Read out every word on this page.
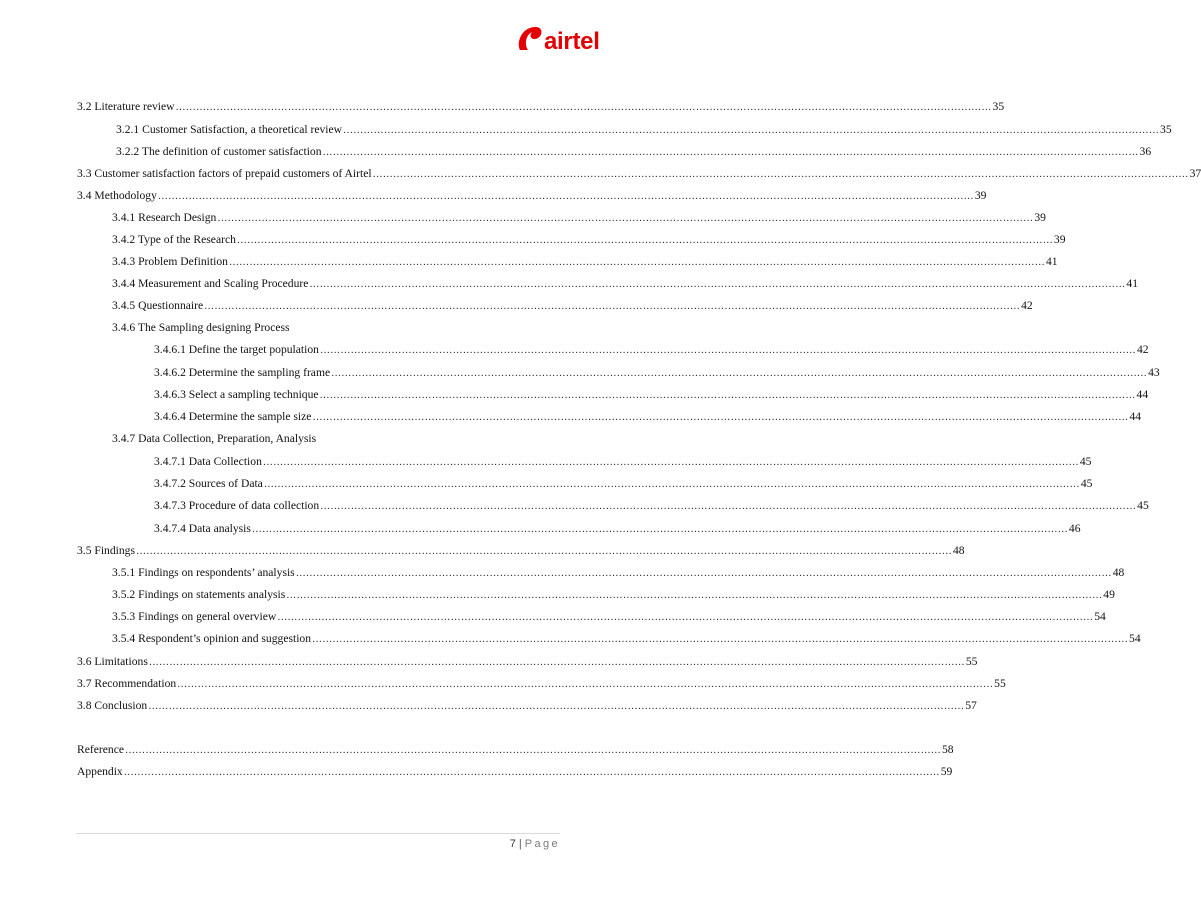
airtel
3.2 Literature review …………………………………………………………………………………………………………………………………………………………………………………………………………………… 35
3.2.1 Customer Satisfaction, a theoretical review …………………………………………………………………………………………………………………………………………………………………………………………………………………… 35
3.2.2 The definition of customer satisfaction …………………………………………………………………………………………………………………………………………………………………………………………………………………… 36
3.3 Customer satisfaction factors of prepaid customers of Airtel …………………………………………………………………………………………………………………………………………………………………………………………………………………… 37
3.4 Methodology …………………………………………………………………………………………………………………………………………………………………………………………………………………… 39
3.4.1 Research Design …………………………………………………………………………………………………………………………………………………………………………………………………………………… 39
3.4.2 Type of the Research …………………………………………………………………………………………………………………………………………………………………………………………………………………… 39
3.4.3 Problem Definition …………………………………………………………………………………………………………………………………………………………………………………………………………………… 41
3.4.4 Measurement and Scaling Procedure …………………………………………………………………………………………………………………………………………………………………………………………………………………… 41
3.4.5 Questionnaire …………………………………………………………………………………………………………………………………………………………………………………………………………………… 42
3.4.6 The Sampling designing Process
3.4.6.1 Define the target population …………………………………………………………………………………………………………………………………………………………………………………………………………………… 42
3.4.6.2 Determine the sampling frame …………………………………………………………………………………………………………………………………………………………………………………………………………………… 43
3.4.6.3 Select a sampling technique …………………………………………………………………………………………………………………………………………………………………………………………………………………… 44
3.4.6.4 Determine the sample size …………………………………………………………………………………………………………………………………………………………………………………………………………………… 44
3.4.7 Data Collection, Preparation, Analysis
3.4.7.1 Data Collection …………………………………………………………………………………………………………………………………………………………………………………………………………………… 45
3.4.7.2 Sources of Data …………………………………………………………………………………………………………………………………………………………………………………………………………………… 45
3.4.7.3 Procedure of data collection …………………………………………………………………………………………………………………………………………………………………………………………………………………… 45
3.4.7.4 Data analysis …………………………………………………………………………………………………………………………………………………………………………………………………………………… 46
3.5 Findings …………………………………………………………………………………………………………………………………………………………………………………………………………………… 48
3.5.1 Findings on respondents’ analysis …………………………………………………………………………………………………………………………………………………………………………………………………………………… 48
3.5.2 Findings on statements analysis …………………………………………………………………………………………………………………………………………………………………………………………………………………… 49
3.5.3 Findings on general overview …………………………………………………………………………………………………………………………………………………………………………………………………………………… 54
3.5.4 Respondent’s opinion and suggestion …………………………………………………………………………………………………………………………………………………………………………………………………………………… 54
3.6 Limitations …………………………………………………………………………………………………………………………………………………………………………………………………………………… 55
3.7 Recommendation …………………………………………………………………………………………………………………………………………………………………………………………………………………… 55
3.8 Conclusion …………………………………………………………………………………………………………………………………………………………………………………………………………………… 57
Reference …………………………………………………………………………………………………………………………………………………………………………………………………………………… 58
Appendix …………………………………………………………………………………………………………………………………………………………………………………………………………………… 59
7 | Page
